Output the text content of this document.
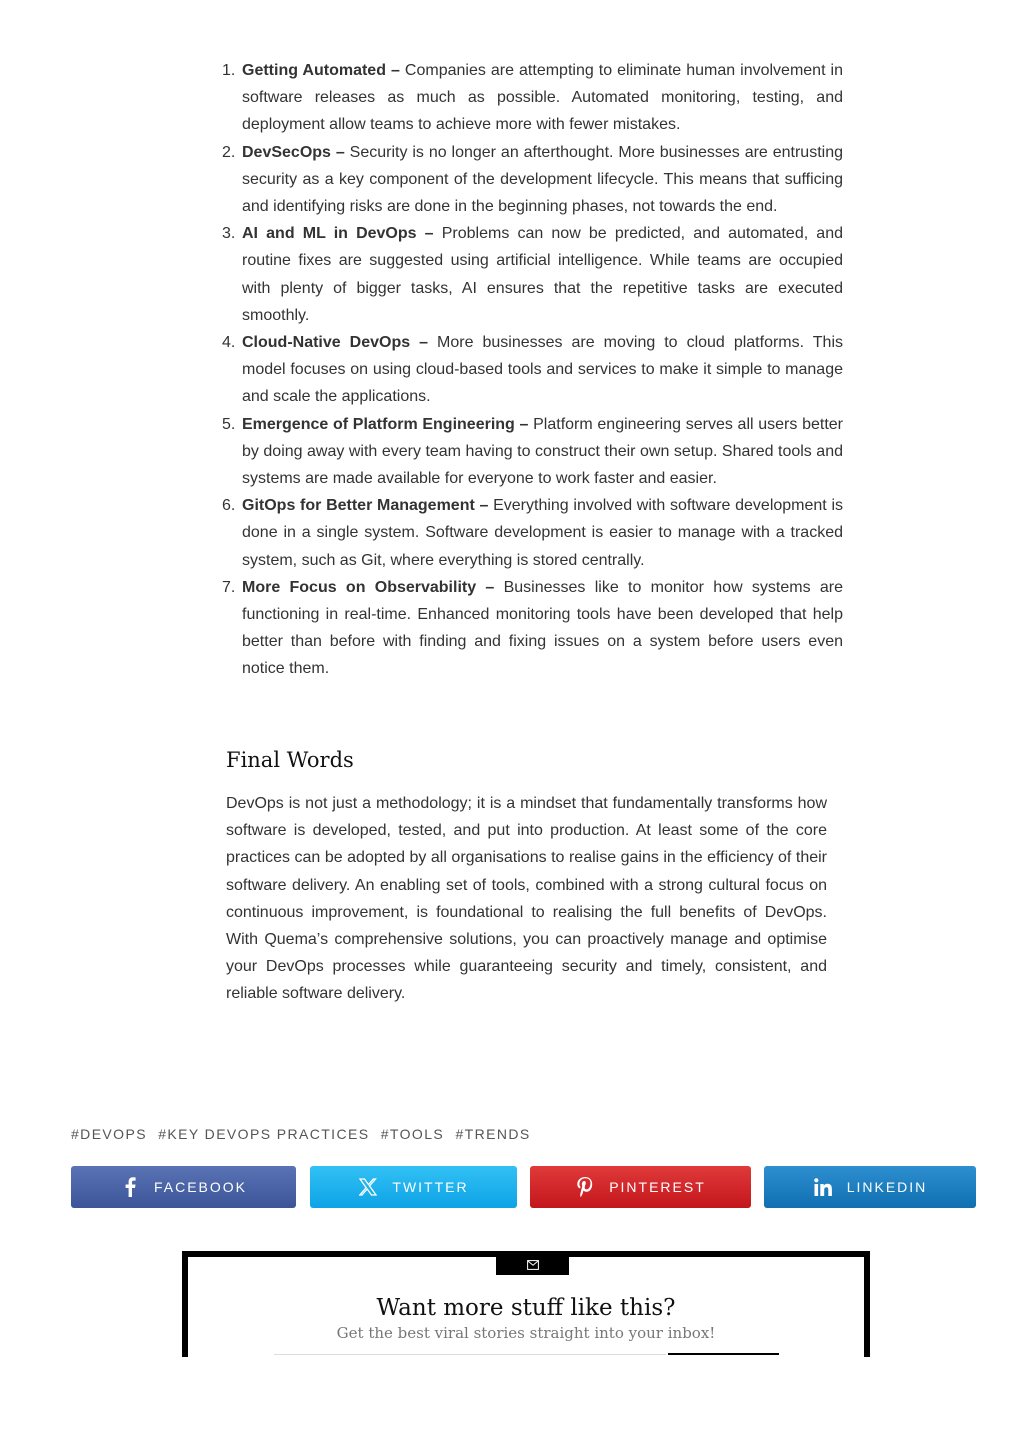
1. Getting Automated – Companies are attempting to eliminate human involvement in software releases as much as possible. Automated monitoring, testing, and deployment allow teams to achieve more with fewer mistakes.
2. DevSecOps – Security is no longer an afterthought. More businesses are entrusting security as a key component of the development lifecycle. This means that sufficing and identifying risks are done in the beginning phases, not towards the end.
3. AI and ML in DevOps – Problems can now be predicted, and automated, and routine fixes are suggested using artificial intelligence. While teams are occupied with plenty of bigger tasks, AI ensures that the repetitive tasks are executed smoothly.
4. Cloud-Native DevOps – More businesses are moving to cloud platforms. This model focuses on using cloud-based tools and services to make it simple to manage and scale the applications.
5. Emergence of Platform Engineering – Platform engineering serves all users better by doing away with every team having to construct their own setup. Shared tools and systems are made available for everyone to work faster and easier.
6. GitOps for Better Management – Everything involved with software development is done in a single system. Software development is easier to manage with a tracked system, such as Git, where everything is stored centrally.
7. More Focus on Observability – Businesses like to monitor how systems are functioning in real-time. Enhanced monitoring tools have been developed that help better than before with finding and fixing issues on a system before users even notice them.
Final Words

DevOps is not just a methodology; it is a mindset that fundamentally transforms how software is developed, tested, and put into production. At least some of the core practices can be adopted by all organisations to realise gains in the efficiency of their software delivery. An enabling set of tools, combined with a strong cultural focus on continuous improvement, is foundational to realising the full benefits of DevOps. With Quema’s comprehensive solutions, you can proactively manage and optimise your DevOps processes while guaranteeing security and timely, consistent, and reliable software delivery.

#DEVOPS #KEY DEVOPS PRACTICES #TOOLS #TRENDS
FACEBOOK	TWITTER	PINTEREST	LINKEDIN
Want more stuff like this?
Get the best viral stories straight into your inbox!
